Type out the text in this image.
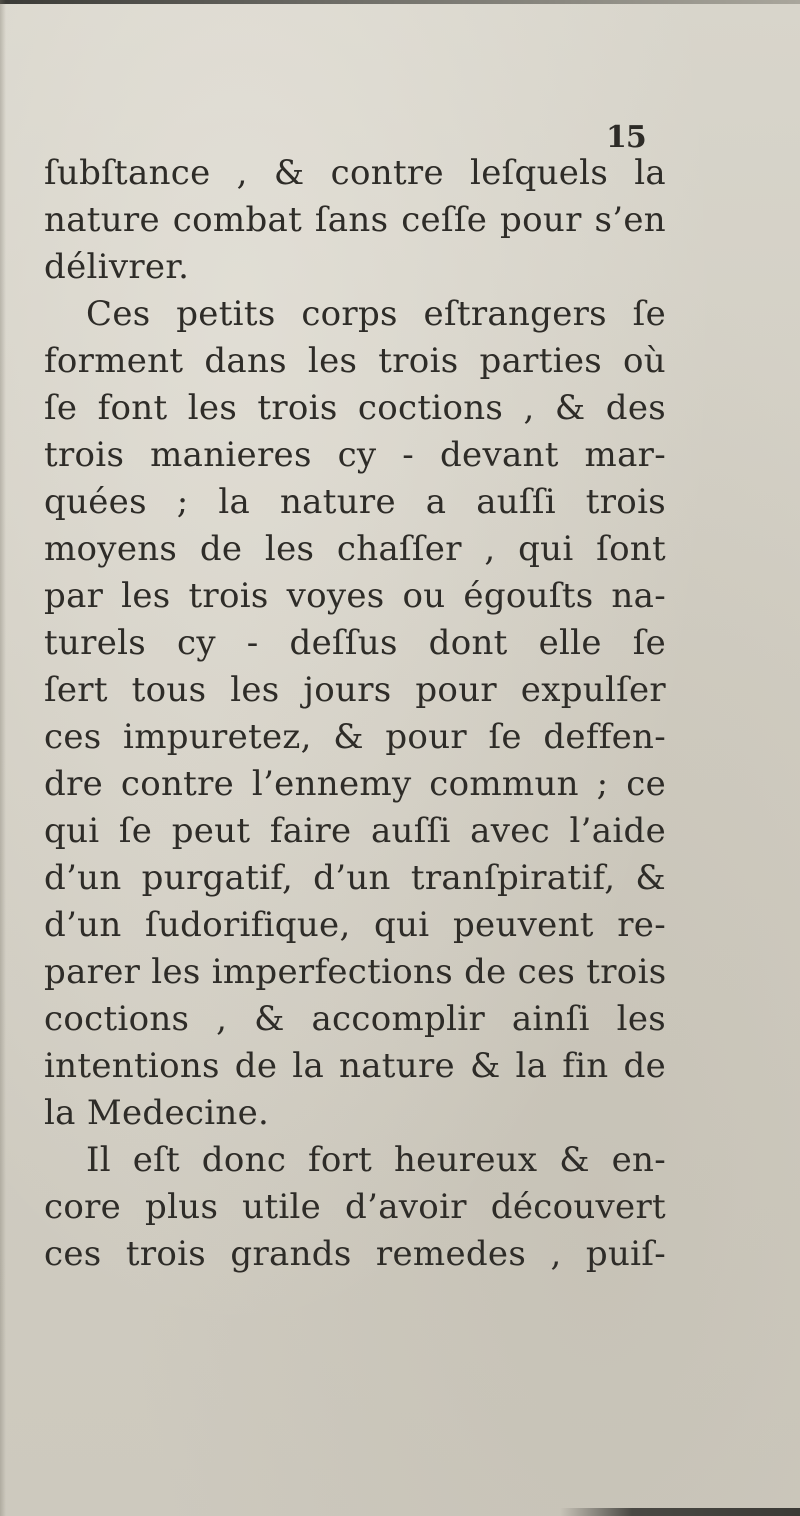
15
ſubſtance , & contre leſquels la
nature combat ſans ceſſe pour s’en
délivrer.
Ces petits corps eſtrangers ſe
forment dans les trois parties où
ſe font les trois coctions , & des
trois manieres cy - devant mar-
quées ; la nature a auſſi trois
moyens de les chaſſer , qui ſont
par les trois voyes ou égouſts na-
turels cy - deſſus dont elle ſe
ſert tous les jours pour expulſer
ces impuretez, & pour ſe deffen-
dre contre l’ennemy commun ; ce
qui ſe peut faire auſſi avec l’aide
d’un purgatif, d’un tranſpiratif, &
d’un ſudorifique, qui peuvent re-
parer les imperfections de ces trois
coctions , & accomplir ainſi les
intentions de la nature & la fin de
la Medecine.
Il eſt donc fort heureux & en-
core plus utile d’avoir découvert
ces trois grands remedes , puiſ-
